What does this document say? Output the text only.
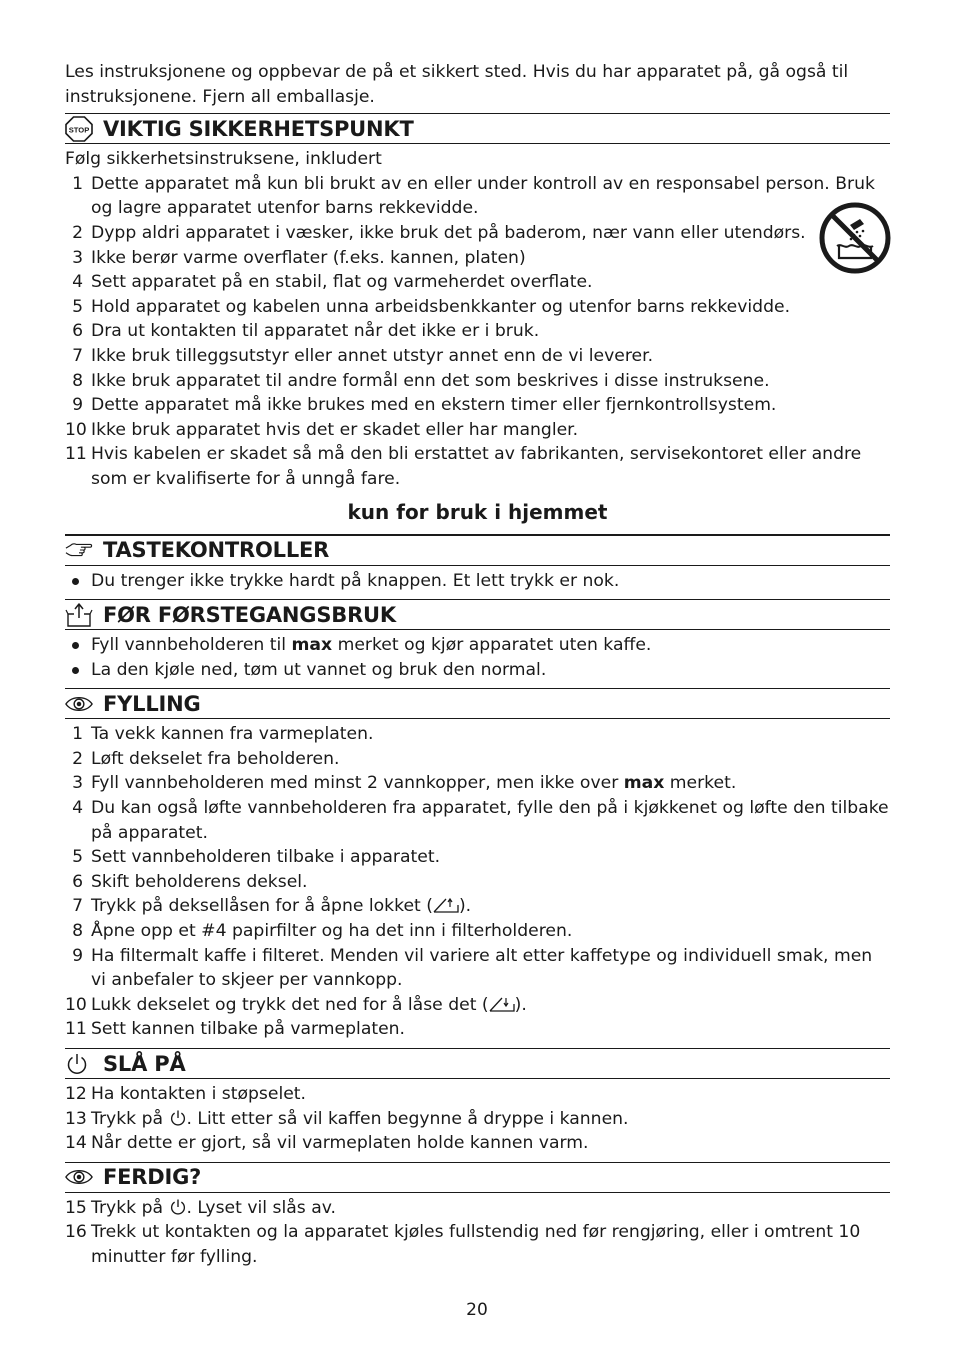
Les instruksjonene og oppbevar de på et sikkert sted. Hvis du har apparatet på, gå også til instruksjonene. Fjern all emballasje.

STOP VIKTIG SIKKERHETSPUNKT

Følg sikkerhetsinstruksene, inkludert

1 Dette apparatet må kun bli brukt av en eller under kontroll av en responsabel person. Bruk og lagre apparatet utenfor barns rekkevidde.
2 Dypp aldri apparatet i væsker, ikke bruk det på baderom, nær vann eller utendørs.
3 Ikke berør varme overflater (f.eks. kannen, platen)
4 Sett apparatet på en stabil, flat og varmeherdet overflate.
5 Hold apparatet og kabelen unna arbeidsbenkkanter og utenfor barns rekkevidde.
6 Dra ut kontakten til apparatet når det ikke er i bruk.
7 Ikke bruk tilleggsutstyr eller annet utstyr annet enn de vi leverer.
8 Ikke bruk apparatet til andre formål enn det som beskrives i disse instruksene.
9 Dette apparatet må ikke brukes med en ekstern timer eller fjernkontrollsystem.
10 Ikke bruk apparatet hvis det er skadet eller har mangler.
11 Hvis kabelen er skadet så må den bli erstattet av fabrikanten, servisekontoret eller andre som er kvalifiserte for å unngå fare.
kun for bruk i hjemmet
TASTEKONTROLLER
Du trenger ikke trykke hardt på knappen. Et lett trykk er nok.
FØR FØRSTEGANGSBRUK
Fyll vannbeholderen til max merket og kjør apparatet uten kaffe.
La den kjøle ned, tøm ut vannet og bruk den normal.
FYLLING
1 Ta vekk kannen fra varmeplaten.
2 Løft dekselet fra beholderen.
3 Fyll vannbeholderen med minst 2 vannkopper, men ikke over max merket.
4 Du kan også løfte vannbeholderen fra apparatet, fylle den på i kjøkkenet og løfte den tilbake på apparatet.
5 Sett vannbeholderen tilbake i apparatet.
6 Skift beholderens deksel.
7 Trykk på deksellåsen for å åpne lokket ( ).
8 Åpne opp et #4 papirfilter og ha det inn i filterholderen.
9 Ha filtermalt kaffe i filteret. Menden vil variere alt etter kaffetype og individuell smak, men vi anbefaler to skjeer per vannkopp.
10 Lukk dekselet og trykk det ned for å låse det ( ).
11 Sett kannen tilbake på varmeplaten.
SLÅ PÅ
12 Ha kontakten i støpselet.
13 Trykk på . Litt etter så vil kaffen begynne å dryppe i kannen.
14 Når dette er gjort, så vil varmeplaten holde kannen varm.
FERDIG?
15 Trykk på . Lyset vil slås av.
16 Trekk ut kontakten og la apparatet kjøles fullstendig ned før rengjøring, eller i omtrent 10 minutter før fylling.
20
